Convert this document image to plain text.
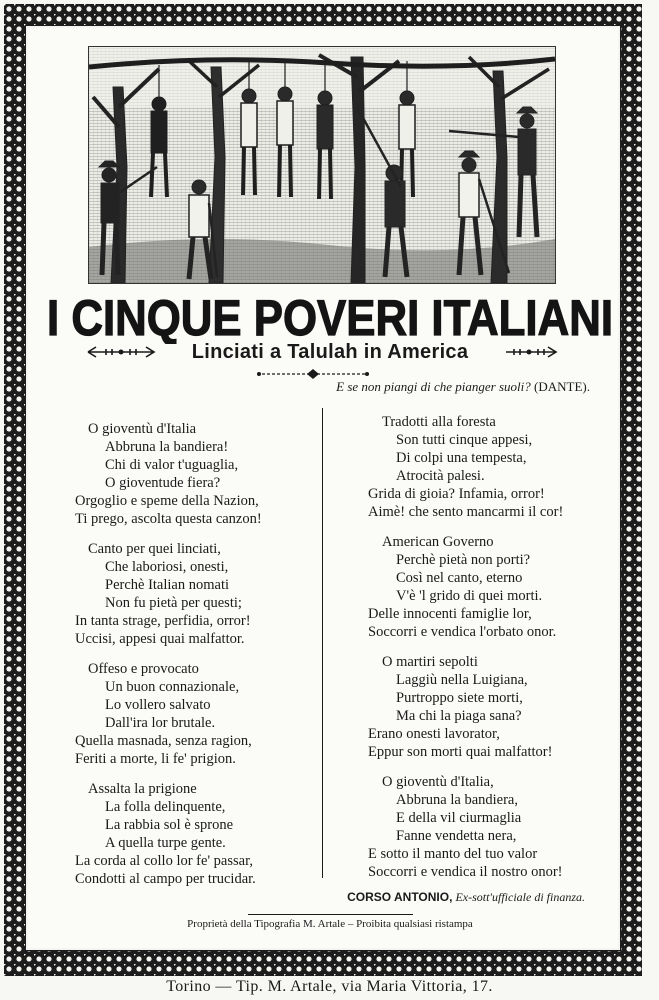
I CINQUE POVERI ITALIANI
Linciati a Talulah in America
E se non piangi di che pianger suoli? (DANTE).
O gioventù d'Italia
Abbruna la bandiera!
Chi di valor t'uguaglia,
O gioventude fiera?
Orgoglio e speme della Nazion,
Ti prego, ascolta questa canzon!
Canto per quei linciati,
Che laboriosi, onesti,
Perchè Italian nomati
Non fu pietà per questi;
In tanta strage, perfidia, orror!
Uccisi, appesi quai malfattor.
Offeso e provocato
Un buon connazionale,
Lo vollero salvato
Dall'ira lor brutale.
Quella masnada, senza ragion,
Feriti a morte, li fe' prigion.
Assalta la prigione
La folla delinquente,
La rabbia sol è sprone
A quella turpe gente.
La corda al collo lor fe' passar,
Condotti al campo per trucidar.
Tradotti alla foresta
Son tutti cinque appesi,
Di colpi una tempesta,
Atrocità palesi.
Grida di gioia? Infamia, orror!
Aimè! che sento mancarmi il cor!
American Governo
Perchè pietà non porti?
Così nel canto, eterno
V'è 'l grido di quei morti.
Delle innocenti famiglie lor,
Soccorri e vendica l'orbato onor.
O martiri sepolti
Laggiù nella Luigiana,
Purtroppo siete morti,
Ma chi la piaga sana?
Erano onesti lavorator,
Eppur son morti quai malfattor!
O gioventù d'Italia,
Abbruna la bandiera,
E della vil ciurmaglia
Fanne vendetta nera,
E sotto il manto del tuo valor
Soccorri e vendica il nostro onor!
CORSO ANTONIO, Ex-sott'ufficiale di finanza.
Proprietà della Tipografia M. Artale – Proibita qualsiasi ristampa
Torino — Tip. M. Artale, via Maria Vittoria, 17.
